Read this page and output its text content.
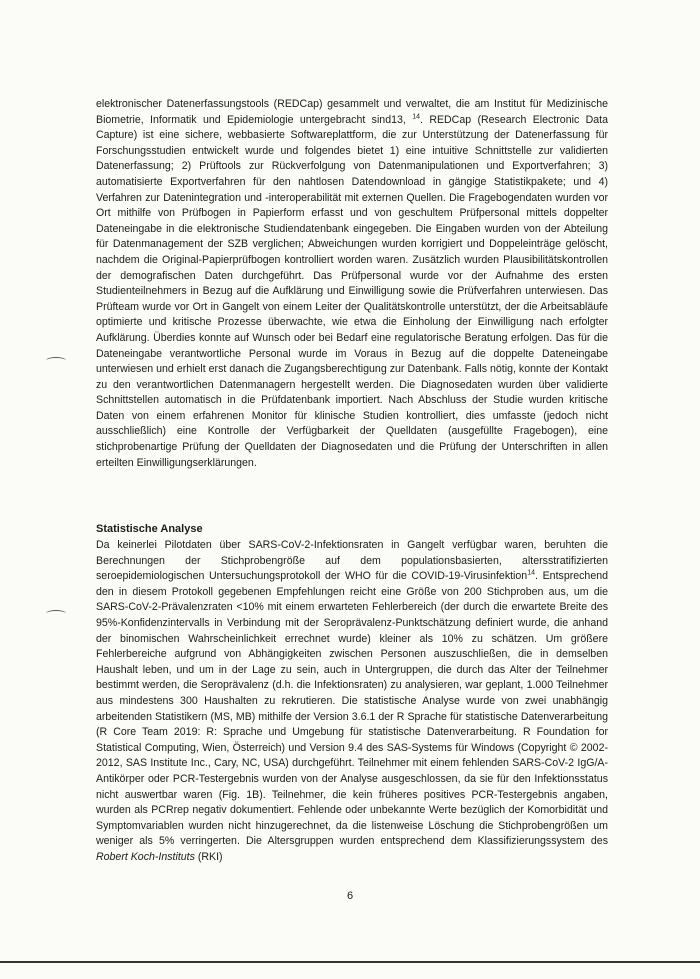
elektronischer Datenerfassungstools (REDCap) gesammelt und verwaltet, die am Institut für Medizinische Biometrie, Informatik und Epidemiologie untergebracht sind13, $^{14}$. REDCap (Research Electronic Data Capture) ist eine sichere, webbasierte Softwareplattform, die zur Unterstützung der Datenerfassung für Forschungsstudien entwickelt wurde und folgendes bietet 1) eine intuitive Schnittstelle zur validierten Datenerfassung; 2) Prüftools zur Rückverfolgung von Datenmanipulationen und Exportverfahren; 3) automatisierte Exportverfahren für den nahtlosen Datendownload in gängige Statistikpakete; und 4) Verfahren zur Datenintegration und -interoperabilität mit externen Quellen. Die Fragebogendaten wurden vor Ort mithilfe von Prüfbogen in Papierform erfasst und von geschultem Prüfpersonal mittels doppelter Dateneingabe in die elektronische Studiendatenbank eingegeben. Die Eingaben wurden von der Abteilung für Datenmanagement der SZB verglichen; Abweichungen wurden korrigiert und Doppeleinträge gelöscht, nachdem die Original-Papierprüfbogen kontrolliert worden waren. Zusätzlich wurden Plausibilitätskontrollen der demografischen Daten durchgeführt. Das Prüfpersonal wurde vor der Aufnahme des ersten Studienteilnehmers in Bezug auf die Aufklärung und Einwilligung sowie die Prüfverfahren unterwiesen. Das Prüfteam wurde vor Ort in Gangelt von einem Leiter der Qualitätskontrolle unterstützt, der die Arbeitsabläufe optimierte und kritische Prozesse überwachte, wie etwa die Einholung der Einwilligung nach erfolgter Aufklärung. Überdies konnte auf Wunsch oder bei Bedarf eine regulatorische Beratung erfolgen. Das für die Dateneingabe verantwortliche Personal wurde im Voraus in Bezug auf die doppelte Dateneingabe unterwiesen und erhielt erst danach die Zugangsberechtigung zur Datenbank. Falls nötig, konnte der Kontakt zu den verantwortlichen Datenmanagern hergestellt werden. Die Diagnosedaten wurden über validierte Schnittstellen automatisch in die Prüfdatenbank importiert. Nach Abschluss der Studie wurden kritische Daten von einem erfahrenen Monitor für klinische Studien kontrolliert, dies umfasste (jedoch nicht ausschließlich) eine Kontrolle der Verfügbarkeit der Quelldaten (ausgefüllte Fragebogen), eine stichprobenartige Prüfung der Quelldaten der Diagnosedaten und die Prüfung der Unterschriften in allen erteilten Einwilligungserklärungen.

Statistische Analyse

Da keinerlei Pilotdaten über SARS-CoV-2-Infektionsraten in Gangelt verfügbar waren, beruhten die Berechnungen der Stichprobengröße auf dem populationsbasierten, altersstratifizierten seroepidemiologischen Untersuchungsprotokoll der WHO für die COVID-19-Virusinfektion$^{14}$. Entsprechend den in diesem Protokoll gegebenen Empfehlungen reicht eine Größe von 200 Stichproben aus, um die SARS-CoV-2-Prävalenzraten <10% mit einem erwarteten Fehlerbereich (der durch die erwartete Breite des 95%-Konfidenzintervalls in Verbindung mit der Seroprävalenz-Punktschätzung definiert wurde, die anhand der binomischen Wahrscheinlichkeit errechnet wurde) kleiner als 10% zu schätzen. Um größere Fehlerbereiche aufgrund von Abhängigkeiten zwischen Personen auszuschließen, die in demselben Haushalt leben, und um in der Lage zu sein, auch in Untergruppen, die durch das Alter der Teilnehmer bestimmt werden, die Seroprävalenz (d.h. die Infektionsraten) zu analysieren, war geplant, 1.000 Teilnehmer aus mindestens 300 Haushalten zu rekrutieren. Die statistische Analyse wurde von zwei unabhängig arbeitenden Statistikern (MS, MB) mithilfe der Version 3.6.1 der R Sprache für statistische Datenverarbeitung (R Core Team 2019: R: Sprache und Umgebung für statistische Datenverarbeitung. R Foundation for Statistical Computing, Wien, Österreich) und Version 9.4 des SAS-Systems für Windows (Copyright © 2002-2012, SAS Institute Inc., Cary, NC, USA) durchgeführt. Teilnehmer mit einem fehlenden SARS-CoV-2 IgG/A-Antikörper oder PCR-Testergebnis wurden von der Analyse ausgeschlossen, da sie für den Infektionsstatus nicht auswertbar waren (Fig. 1B). Teilnehmer, die kein früheres positives PCR-Testergebnis angaben, wurden als PCRrep negativ dokumentiert. Fehlende oder unbekannte Werte bezüglich der Komorbidität und Symptomvariablen wurden nicht hinzugerechnet, da die listenweise Löschung die Stichprobengrößen um weniger als 5% verringerten. Die Altersgruppen wurden entsprechend dem Klassifizierungssystem des Robert Koch-Instituts (RKI)

6
